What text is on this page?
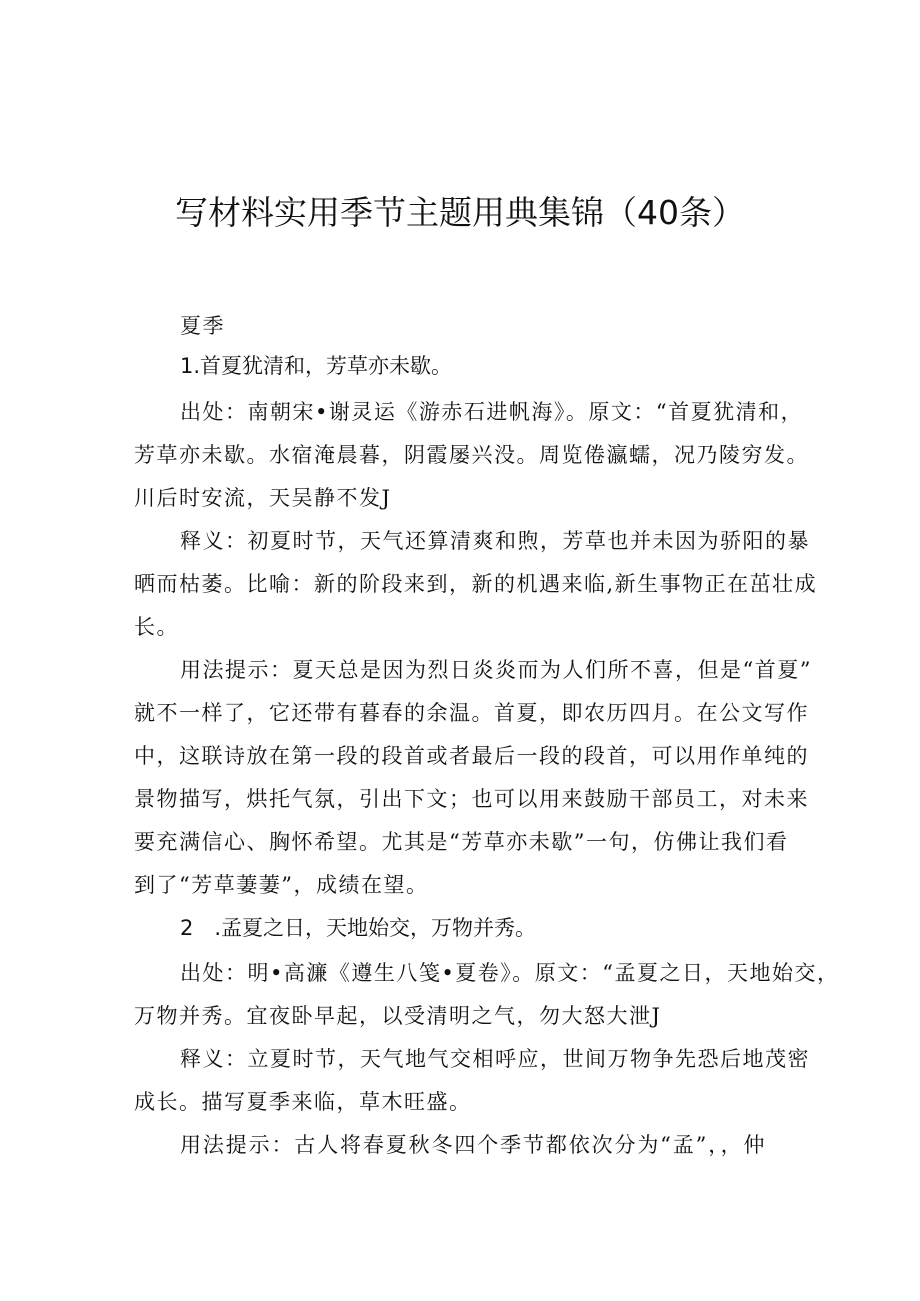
写材料实用季节主题用典集锦（40条）
夏季
1.首夏犹清和，芳草亦未歇。
出处：南朝宋•谢灵运《游赤石进帆海》。原文：“首夏犹清和，
芳草亦未歇。水宿淹晨暮，阴霞屡兴没。周览倦瀛蠕，况乃陵穷发。
川后时安流，天吴静不发J
释义：初夏时节，天气还算清爽和煦，芳草也并未因为骄阳的暴
晒而枯萎。比喻：新的阶段来到，新的机遇来临,新生事物正在茁壮成
长。
用法提示：夏天总是因为烈日炎炎而为人们所不喜，但是“首夏”
就不一样了，它还带有暮春的余温。首夏，即农历四月。在公文写作
中，这联诗放在第一段的段首或者最后一段的段首，可以用作单纯的
景物描写，烘托气氛，引出下文；也可以用来鼓励干部员工，对未来
要充满信心、胸怀希望。尤其是“芳草亦未歇”一句，仿佛让我们看
到了“芳草萋萋”，成绩在望。
2　.孟夏之日，天地始交，万物并秀。
出处：明•高濂《遵生八笺•夏卷》。原文：“孟夏之日，天地始交，
万物并秀。宜夜卧早起，以受清明之气，勿大怒大泄J
释义：立夏时节，天气地气交相呼应，世间万物争先恐后地茂密
成长。描写夏季来临，草木旺盛。
用法提示：古人将春夏秋冬四个季节都依次分为“孟”，，仲
